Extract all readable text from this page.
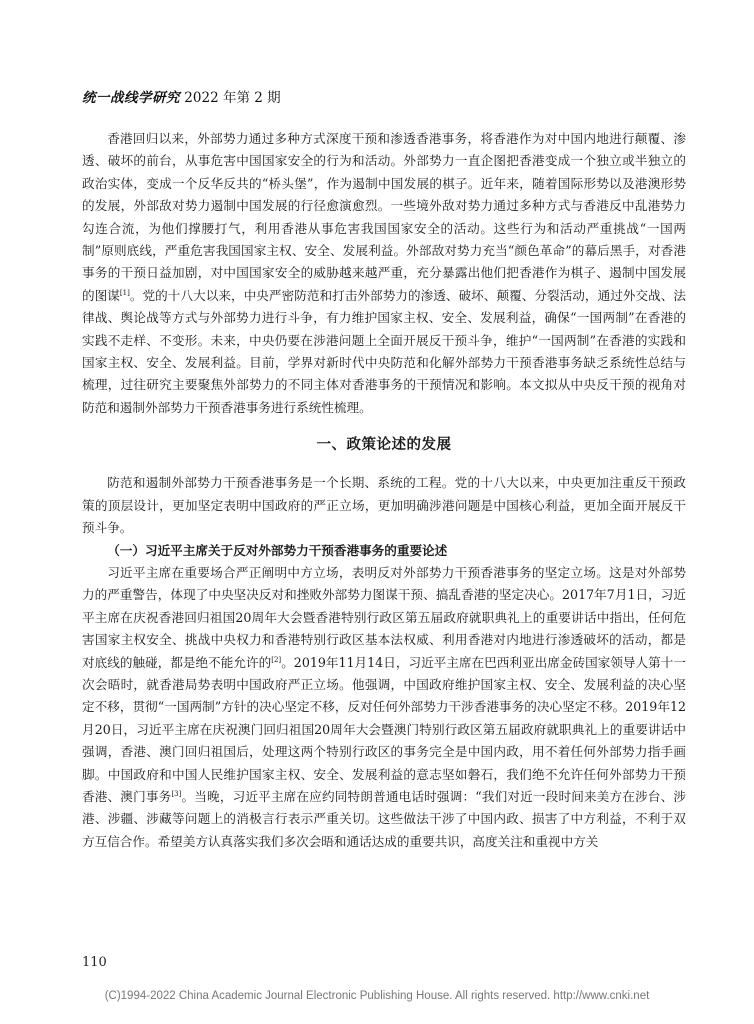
统一战线学研究 2022 年第 2 期

香港回归以来，外部势力通过多种方式深度干预和渗透香港事务，将香港作为对中国内地进行颠覆、渗透、破坏的前台，从事危害中国国家安全的行为和活动。外部势力一直企图把香港变成一个独立或半独立的政治实体，变成一个反华反共的“桥头堡”，作为遏制中国发展的棋子。近年来，随着国际形势以及港澳形势的发展，外部敌对势力遏制中国发展的行径愈演愈烈。一些境外敌对势力通过多种方式与香港反中乱港势力勾连合流，为他们撑腰打气，利用香港从事危害我国国家安全的活动。这些行为和活动严重挑战“一国两制”原则底线，严重危害我国国家主权、安全、发展利益。外部敌对势力充当“颜色革命”的幕后黑手，对香港事务的干预日益加剧，对中国国家安全的威胁越来越严重，充分暴露出他们把香港作为棋子、遏制中国发展的图谋[1]。党的十八大以来，中央严密防范和打击外部势力的渗透、破坏、颠覆、分裂活动，通过外交战、法律战、舆论战等方式与外部势力进行斗争，有力维护国家主权、安全、发展利益，确保“一国两制”在香港的实践不走样、不变形。未来，中央仍要在涉港问题上全面开展反干预斗争，维护“一国两制”在香港的实践和国家主权、安全、发展利益。目前，学界对新时代中央防范和化解外部势力干预香港事务缺乏系统性总结与梳理，过往研究主要聚焦外部势力的不同主体对香港事务的干预情况和影响。本文拟从中央反干预的视角对防范和遏制外部势力干预香港事务进行系统性梳理。

一、政策论述的发展

防范和遏制外部势力干预香港事务是一个长期、系统的工程。党的十八大以来，中央更加注重反干预政策的顶层设计，更加坚定表明中国政府的严正立场，更加明确涉港问题是中国核心利益，更加全面开展反干预斗争。

（一）习近平主席关于反对外部势力干预香港事务的重要论述

习近平主席在重要场合严正阐明中方立场，表明反对外部势力干预香港事务的坚定立场。这是对外部势力的严重警告，体现了中央坚决反对和挫败外部势力图谋干预、搞乱香港的坚定决心。2017年7月1日，习近平主席在庆祝香港回归祖国20周年大会暨香港特别行政区第五届政府就职典礼上的重要讲话中指出，任何危害国家主权安全、挑战中央权力和香港特别行政区基本法权威、利用香港对内地进行渗透破坏的活动，都是对底线的触碰，都是绝不能允许的[2]。2019年11月14日，习近平主席在巴西利亚出席金砖国家领导人第十一次会晤时，就香港局势表明中国政府严正立场。他强调，中国政府维护国家主权、安全、发展利益的决心坚定不移，贯彻“一国两制”方针的决心坚定不移，反对任何外部势力干涉香港事务的决心坚定不移。2019年12月20日，习近平主席在庆祝澳门回归祖国20周年大会暨澳门特别行政区第五届政府就职典礼上的重要讲话中强调，香港、澳门回归祖国后，处理这两个特别行政区的事务完全是中国内政，用不着任何外部势力指手画脚。中国政府和中国人民维护国家主权、安全、发展利益的意志坚如磐石，我们绝不允许任何外部势力干预香港、澳门事务[3]。当晚，习近平主席在应约同特朗普通电话时强调：“我们对近一段时间来美方在涉台、涉港、涉疆、涉藏等问题上的消极言行表示严重关切。这些做法干涉了中国内政、损害了中方利益，不利于双方互信合作。希望美方认真落实我们多次会晤和通话达成的重要共识，高度关注和重视中方关

110
(C)1994-2022 China Academic Journal Electronic Publishing House. All rights reserved. http://www.cnki.net
